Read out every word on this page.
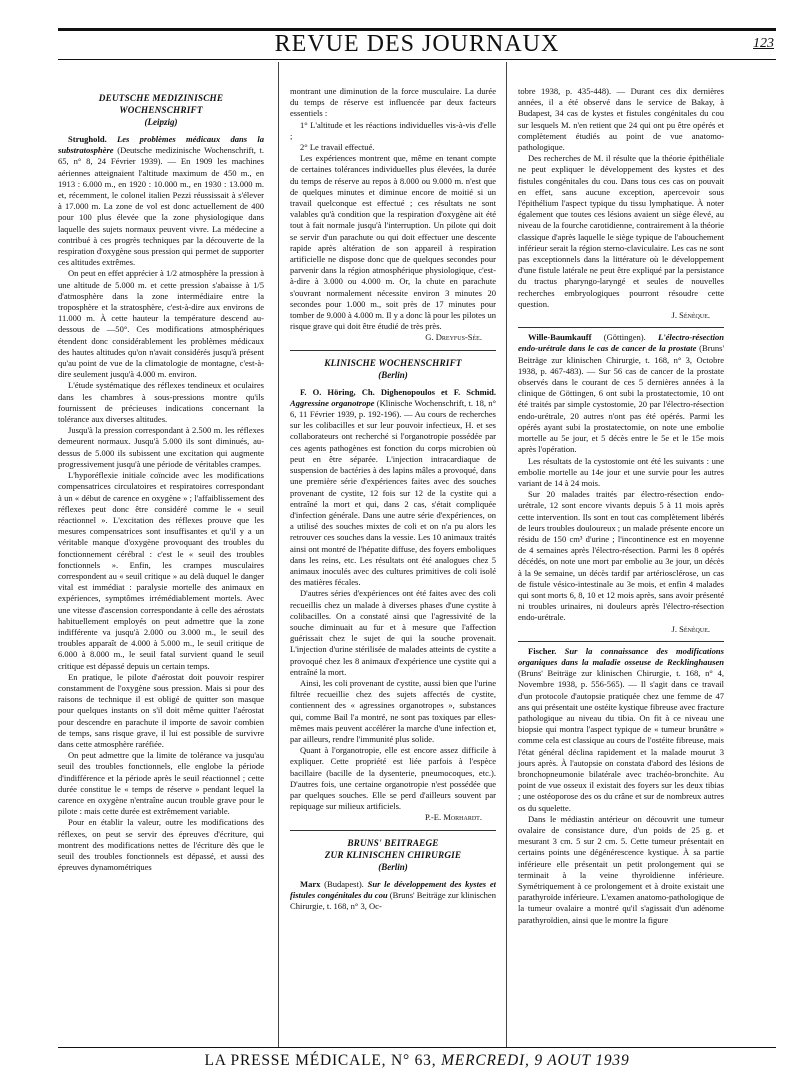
REVUE DES JOURNAUX	123
DEUTSCHE MEDIZINISCHE
WOCHENSCHRIFT
(Leipzig)

Strughold. Les problèmes médicaux dans la substratosphère (Deutsche medizinische Wochenschrift, t. 65, n° 8, 24 Février 1939). — En 1909 les machines aériennes atteignaient l'altitude maximum de 450 m., en 1913 : 6.000 m., en 1920 : 10.000 m., en 1930 : 13.000 m. et, récemment, le colonel italien Pezzi réussissait à s'élever à 17.000 m. La zone de vol est donc actuellement de 400 pour 100 plus élevée que la zone physiologique dans laquelle des sujets normaux peuvent vivre. La médecine a contribué à ces progrès techniques par la découverte de la respiration d'oxygène sous pression qui permet de supporter ces altitudes extrêmes.

On peut en effet apprécier à 1/2 atmosphère la pression à une altitude de 5.000 m. et cette pression s'abaisse à 1/5 d'atmosphère dans la zone intermédiaire entre la troposphère et la stratosphère, c'est-à-dire aux environs de 11.000 m. À cette hauteur la température descend au-dessous de —50°. Ces modifications atmosphériques étendent donc considérablement les problèmes médicaux des hautes altitudes qu'on n'avait considérés jusqu'à présent qu'au point de vue de la climatologie de montagne, c'est-à-dire seulement jusqu'à 4.000 m. environ.

L'étude systématique des réflexes tendineux et oculaires dans les chambres à sous-pressions montre qu'ils fournissent de précieuses indications concernant la tolérance aux diverses altitudes.

Jusqu'à la pression correspondant à 2.500 m. les réflexes demeurent normaux. Jusqu'à 5.000 ils sont diminués, au-dessus de 5.000 ils subissent une excitation qui augmente progressivement jusqu'à une période de véritables crampes.

L'hyporéflexie initiale coïncide avec les modifications compensatrices circulatoires et respiratoires correspondant à un « début de carence en oxygène » ; l'affaiblissement des réflexes peut donc être considéré comme le « seuil réactionnel ». L'excitation des réflexes prouve que les mesures compensatrices sont insuffisantes et qu'il y a un véritable manque d'oxygène provoquant des troubles du fonctionnement cérébral : c'est le « seuil des troubles fonctionnels ». Enfin, les crampes musculaires correspondent au « seuil critique » au delà duquel le danger vital est immédiat : paralysie mortelle des animaux en expériences, symptômes irrémédiablement mortels. Avec une vitesse d'ascension correspondante à celle des aérostats habituellement employés on peut admettre que la zone indifférente va jusqu'à 2.000 ou 3.000 m., le seuil des troubles apparaît de 4.000 à 5.000 m., le seuil critique de 6.000 à 8.000 m., le seuil fatal survient quand le seuil critique est dépassé depuis un certain temps.

En pratique, le pilote d'aérostat doit pouvoir respirer constamment de l'oxygène sous pression. Mais si pour des raisons de technique il est obligé de quitter son masque pour quelques instants on s'il doit même quitter l'aérostat pour descendre en parachute il importe de savoir combien de temps, sans risque grave, il lui est possible de survivre dans cette atmosphère raréfiée.

On peut admettre que la limite de tolérance va jusqu'au seuil des troubles fonctionnels, elle englobe la période d'indifférence et la période après le seuil réactionnel ; cette durée constitue le « temps de réserve » pendant lequel la carence en oxygène n'entraîne aucun trouble grave pour le pilote : mais cette durée est extrêmement variable.

Pour en établir la valeur, outre les modifications des réflexes, on peut se servir des épreuves d'écriture, qui montrent des modifications nettes de l'écriture dès que le seuil des troubles fonctionnels est dépassé, et aussi des épreuves dynamométriques

montrant une diminution de la force musculaire. La durée du temps de réserve est influencée par deux facteurs essentiels :

1° L'altitude et les réactions individuelles vis-à-vis d'elle ;

2° Le travail effectué.

Les expériences montrent que, même en tenant compte de certaines tolérances individuelles plus élevées, la durée du temps de réserve au repos à 8.000 ou 9.000 m. n'est que de quelques minutes et diminue encore de moitié si un travail quelconque est effectué ; ces résultats ne sont valables qu'à condition que la respiration d'oxygène ait été tout à fait normale jusqu'à l'interruption. Un pilote qui doit se servir d'un parachute ou qui doit effectuer une descente rapide après altération de son appareil à respiration artificielle ne dispose donc que de quelques secondes pour parvenir dans la région atmosphérique physiologique, c'est-à-dire à 3.000 ou 4.000 m. Or, la chute en parachute s'ouvrant normalement nécessite environ 3 minutes 20 secondes pour 1.000 m., soit près de 17 minutes pour tomber de 9.000 à 4.000 m. Il y a donc là pour les pilotes un risque grave qui doit être étudié de très près.

G. Dreyfus-Sée.

KLINISCHE WOCHENSCHRIFT
(Berlin)

F. O. Höring, Ch. Dighenopoulos et F. Schmid. Aggressine organotrope (Klinische Wochenschrift, t. 18, n° 6, 11 Février 1939, p. 192-196). — Au cours de recherches sur les colibacilles et sur leur pouvoir infectieux, H. et ses collaborateurs ont recherché si l'organotropie possédée par ces agents pathogènes est fonction du corps microbien où peut en être séparée. L'injection intracardiaque de suspension de bactéries à des lapins mâles a provoqué, dans une première série d'expériences faites avec des souches provenant de cystite, 12 fois sur 12 de la cystite qui a entraîné la mort et qui, dans 2 cas, s'était compliquée d'infection générale. Dans une autre série d'expériences, on a utilisé des souches mixtes de coli et on n'a pu alors les retrouver ces souches dans la vessie. Les 10 animaux traités ainsi ont montré de l'hépatite diffuse, des foyers emboliques dans les reins, etc. Les résultats ont été analogues chez 5 animaux inoculés avec des cultures primitives de coli isolé des matières fécales.

D'autres séries d'expériences ont été faites avec des coli recueillis chez un malade à diverses phases d'une cystite à colibacilles. On a constaté ainsi que l'agressivité de la souche diminuait au fur et à mesure que l'affection guérissait chez le sujet de qui la souche provenait. L'injection d'urine stérilisée de malades atteints de cystite a provoqué chez les 8 animaux d'expérience une cystite qui a entraîné la mort.

Ainsi, les coli provenant de cystite, aussi bien que l'urine filtrée recueillie chez des sujets affectés de cystite, contiennent des « agressines organotropes », substances qui, comme Bail l'a montré, ne sont pas toxiques par elles-mêmes mais peuvent accélérer la marche d'une infection et, par ailleurs, rendre l'immunité plus solide.

Quant à l'organotropie, elle est encore assez difficile à expliquer. Cette propriété est liée parfois à l'espèce bacillaire (bacille de la dysenterie, pneumocoques, etc.). D'autres fois, une certaine organotropie n'est possédée que par quelques souches. Elle se perd d'ailleurs souvent par repiquage sur milieux artificiels.

P.-E. Morhardt.

BRUNS' BEITRAEGE
ZUR KLINISCHEN CHIRURGIE
(Berlin)

Marx (Budapest). Sur le développement des kystes et fistules congénitales du cou (Bruns' Beiträge zur klinischen Chirurgie, t. 168, n° 3, Oc-

tobre 1938, p. 435-448). — Durant ces dix dernières années, il a été observé dans le service de Bakay, à Budapest, 34 cas de kystes et fistules congénitales du cou sur lesquels M. n'en retient que 24 qui ont pu être opérés et complètement étudiés au point de vue anatomo-pathologique.

Des recherches de M. il résulte que la théorie épithéliale ne peut expliquer le développement des kystes et des fistules congénitales du cou. Dans tous ces cas on pouvait en effet, sans aucune exception, apercevoir sous l'épithélium l'aspect typique du tissu lymphatique. À noter également que toutes ces lésions avaient un siège élevé, au niveau de la fourche carotidienne, contrairement à la théorie classique d'après laquelle le siège typique de l'abouchement inférieur serait la région sterno-claviculaire. Les cas ne sont pas exceptionnels dans la littérature où le développement d'une fistule latérale ne peut être expliqué par la persistance du tractus pharyngo-laryngé et seules de nouvelles recherches embryologiques pourront résoudre cette question.

J. Sénèque.

Wille-Baumkauff (Göttingen). L'électro-résection endo-urétrale dans le cas de cancer de la prostate (Bruns' Beiträge zur klinischen Chirurgie, t. 168, n° 3, Octobre 1938, p. 467-483). — Sur 56 cas de cancer de la prostate observés dans le courant de ces 5 dernières années à la clinique de Göttingen, 6 ont subi la prostatectomie, 10 ont été traités par simple cystostomie, 20 par l'électro-résection endo-urétrale, 20 autres n'ont pas été opérés. Parmi les opérés ayant subi la prostatectomie, on note une embolie mortelle au 5e jour, et 5 décès entre le 5e et le 15e mois après l'opération.

Les résultats de la cystostomie ont été les suivants : une embolie mortelle au 14e jour et une survie pour les autres variant de 14 à 24 mois.

Sur 20 malades traités par électro-résection endo-urétrale, 12 sont encore vivants depuis 5 à 11 mois après cette intervention. Ils sont en tout cas complètement libérés de leurs troubles douloureux ; un malade présente encore un résidu de 150 cm³ d'urine ; l'incontinence est en moyenne de 4 semaines après l'électro-résection. Parmi les 8 opérés décédés, on note une mort par embolie au 3e jour, un décès à la 9e semaine, un décès tardif par artériosclérose, un cas de fistule vésico-intestinale au 3e mois, et enfin 4 malades qui sont morts 6, 8, 10 et 12 mois après, sans avoir présenté ni troubles urinaires, ni douleurs après l'électro-résection endo-urétrale.

J. Sénèque.

Fischer. Sur la connaissance des modifications organiques dans la maladie osseuse de Recklinghausen (Bruns' Beiträge zur klinischen Chirurgie, t. 168, n° 4, Novembre 1938, p. 556-565). — Il s'agit dans ce travail d'un protocole d'autopsie pratiquée chez une femme de 47 ans qui présentait une ostéite kystique fibreuse avec fracture pathologique au niveau du tibia. On fit à ce niveau une biopsie qui montra l'aspect typique de « tumeur brunâtre » comme cela est classique au cours de l'ostéite fibreuse, mais l'état général déclina rapidement et la malade mourut 3 jours après. À l'autopsie on constata d'abord des lésions de bronchopneumonie bilatérale avec trachéo-bronchite. Au point de vue osseux il existait des foyers sur les deux tibias ; une ostéoporose des os du crâne et sur de nombreux autres os du squelette.

Dans le médiastin antérieur on découvrit une tumeur ovalaire de consistance dure, d'un poids de 25 g. et mesurant 3 cm. 5 sur 2 cm. 5. Cette tumeur présentait en certains points une dégénérescence kystique. À sa partie inférieure elle présentait un petit prolongement qui se terminait à la veine thyroïdienne inférieure. Symétriquement à ce prolongement et à droite existait une parathyroïde inférieure. L'examen anatomo-pathologique de la tumeur ovalaire a montré qu'il s'agissait d'un adénome parathyroïdien, ainsi que le montre la figure

LA PRESSE MÉDICALE, N° 63, MERCREDI, 9 AOUT 1939
